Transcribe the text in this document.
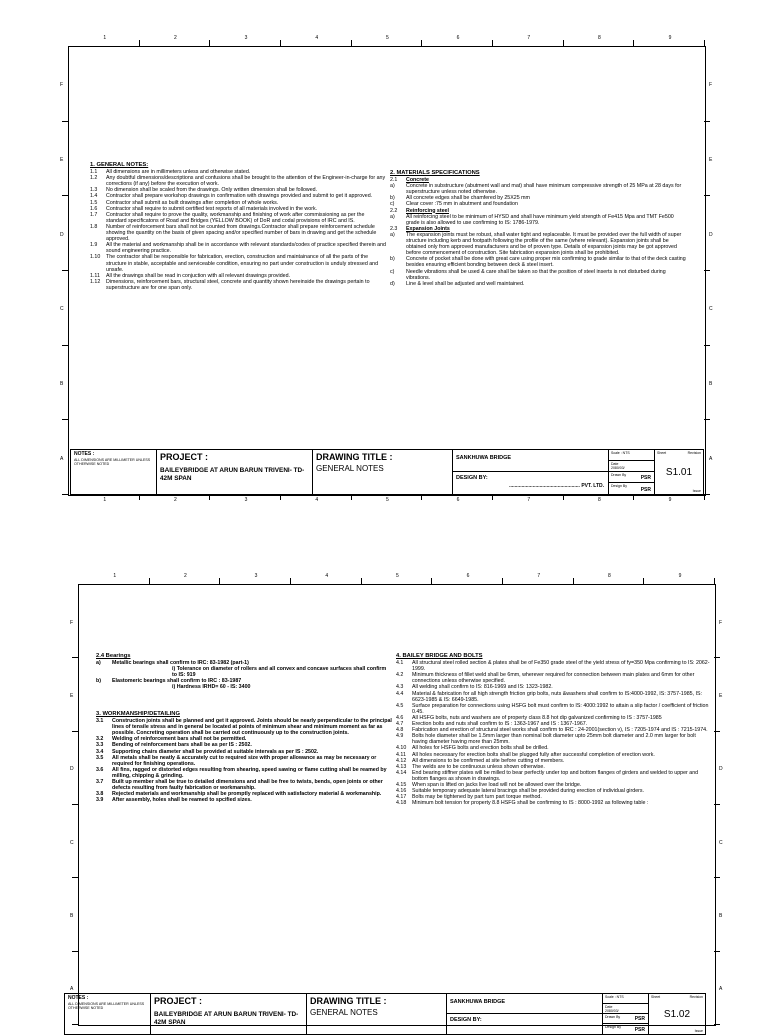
1. GENERAL NOTES:
1.1	All dimensions are in millimeters unless and otherwise stated.
1.2	Any doubtful dimensions/descriptions and confusions shall be brought to the attention of the Engineer-in-charge for any corrections (if any) before the execution of work.
1.3	No dimension shall be scaled from the drawings. Only written dimension shall be followed.
1.4	Contractor shall prepare workshop drawings in confirmation with drawings provided and submit to get it approved.
1.5	Contractor shall submit as built drawings after completion of whole works.
1.6	Contractor shall require to submit certified test reports of all materials involved in the work.
1.7	Contractor shall require to prove the quality, workmanship and finishing of work after commissioning as per the standard specificatons of Road and Bridges (YELLOW BOOK) of DoR and codal provisions of IRC and IS.
1.8	Number of reinforcement bars shall not be counted from drawings.Contractor shall prepare reinforcement schedule showing the quantity on the basis of given spacing and/or specified number of bars in drawing and get the schedule approved.
1.9	All the material and workmanship shall be in accordance with relevant standards/codes of practice specified therein and sound engineering practice.
1.10	The contractor shall be responsible for fabrication, erection, construction and maintainance of all the parts of the structure in stable, acceptable and serviceable condition, ensuring no part under construction is unduly stressed and unsafe.
1.11	All the drawings shall be read in conjuction with all relevant drawings provided.
1.12	Dimensions, reinforcement bars, structural steel, concrete and quantity shown hereinside the drawings pertain to superstructure are for one span only.
2. MATERIALS SPECIFICATIONS
2.1	Concrete
a)	Concrete in substructure (abutment wall and mat) shall have minimum compressive strength of 25 MPa at 28 days for superstructure unless noted otherwise.
b)	All concrete edges shall be chamfered by 25X25 mm
c)	Clear cover :75 mm in abutment and foundation
2.2	Reinforcing steel
a)	All reinforcing steel to be minimum of HYSD and shall have minimum yield strength of Fe415 Mpa and TMT Fe500 grade is also allowed to use confirming to IS: 1786-1979.
2.3	Expansion Joints
a)	The expansion joints must be robust, shall water tight and replaceable. It must be provided over the full width of super structure including kerb and footpath following the profile of the same (where relevant). Expansion joints shall be obtained only from approved manufacturers and be of proven type. Details of expansion joints may be got approved before commencement of construction. Site fabrication expansion joints shall be prohibited.
b)	Concrete of pocket shall be done with great care using proper mix confirming to grade similar to that of the deck casting besides ensuring efficient bonding between deck & steel insert.
c)	Needle vibrations shall be used & care shall be taken so that the position of steel inserts is not disturbed during vibrations.
d)	Line & level shall be adjusted and well maintained.
NOTES :
ALL DIMENSIONS ARE MILLIMETER UNLESS OTHERWISE NOTED
PROJECT :
BAILEYBRIDGE AT ARUN BARUN TRIVENI- TD-42M SPAN
DRAWING TITLE :
GENERAL NOTES
SANKHUWA BRIDGE
DESIGN BY:
................................................... PVT. LTD.
Scale : NTS
Date
2080/03/
Drawn By	PSR
Design By
PSR
Sheet	Revision
S1.01
Issue
1
1
2
2
3
3
4
4
5
5
6
6
7
7
8
8
9
9
F	F
E	E
D	D
C	C
B	B
A	A
2.4 Bearings
a)	Metallic bearings shall confirm to IRC: 83-1982 (part-1)
i) Tolerance on diameter of rollers and all convex and concave surfaces shall confirm to IS: 919
b)	Elastomeric bearings shall confirm to IRC : 83-1987
i) Hardness IRHD= 60 - IS: 3400
3. WORKMANSHIP/DETAILING
3.1	Construction joints shall be planned and get it approved. Joints should be nearly perpendicular to the principal lines of tensile stress and in general be located at points of minimum shear and minimum moment as far as possible. Concreting operation shall be carried out continuously up to the construction joints.
3.2	Welding of reinforcement bars shall not be permitted.
3.3	Bending of reinforcement bars shall be as per IS : 2502.
3.4	Supporting chairs diameter shall be provided at suitable intervals as per IS : 2502.
3.5	All metals shall be neatly & accurately cut to required size with proper allowance as may be necessary or required for finishing operations.
3.6	All fins, ragged or distorted edges resulting from shearing, speed sawing or flame cutting shall be reamed by milling, chipping & grinding.
3.7	Built up member shall be true to detailed dimensions and shall be free to twists, bends, open joints or other defects resulting from faulty fabrication or workmanship.
3.8	Rejected materials and workmanship shall be promptly replaced with satisfactory material & workmanship.
3.9	After assembly, holes shall be reamed to spcified sizes.
4. BAILEY BRIDGE AND BOLTS
4.1	All structural steel rolled section & plates shall be of Fe350 grade steel of the yield stress of fy=350 Mpa confirming to IS: 2062-1999.
4.2	Minimum thickness of fillet weld shall be 6mm, wherever required for connection between main plates and 6mm for other connections unless otherwise specified.
4.3	All welding shall confirm to IS: 816-1969 and IS: 1323-1982.
4.4	Material & fabrication for all high strength friction grip bolts, nuts &washers shall confirm to IS:4000-1992, IS: 3757-1985, IS: 6623-1985 & IS: 6649-1985.
4.5	Surface preparation for connections using HSFG bolt must confirm to IS: 4000:1992 to attain a slip factor / coefficient of friction 0.45.
4.6	All HSFG bolts, nuts and washers are of property class 8.8 hot dip galvanized confirming to IS : 3757-1985
4.7	Erection bolts and nuts shall confirm to IS : 1363-1967 and IS : 1367-1967.
4.8	Fabrication and erection of structural steel works shall confirm to IRC : 24-2001(section v), IS : 7205-1974 and IS : 7215-1974.
4.9	Bolts hole diameter shall be 1.5mm larger than nominal bolt diameter upto 25mm bolt diameter and 2.0 mm larger for bolt having diameter having more than 25mm.
4.10	All holes for HSFG bolts and erection bolts shall be drilled.
4.11	All holes necessary for erection bolts shall be plugged fully after successful completion of erection work.
4.12	All dimensions to be confirmed at site before cutting of members.
4.13	The welds are to be continuous unless shown otherwise.
4.14	End bearing stiffner plates will be milled to bear perfectly under top and bottom flanges of girders and welded to upper and bottom flanges as shown in drawings.
4.15	When span is lifted on jacks live load will not be allowed over the bridge.
4.16	Suitable temporary adequate lateral bracings shall be provided during erection of individual girders.
4.17	Bolts may be tightened by part turn part torque method.
4.18	Minimum bolt tension for property 8.8 HSFG shall be confirming to IS : 8000-1992 as following table :
NOTES :
ALL DIMENSIONS ARE MILLIMETER UNLESS OTHERWISE NOTED
PROJECT :
BAILEYBRIDGE AT ARUN BARUN TRIVENI- TD-42M SPAN
DRAWING TITLE :
GENERAL NOTES
SANKHUWA BRIDGE
DESIGN BY:
Scale : NTS
Date
2080/03/
Drawn By	PSR
Design By	PSR
Sheet	Revision
S1.02
Issue
1	2	3	4	5	6	7	8	9
F	F
E	E
D	D
C	C
B	B
A	A
